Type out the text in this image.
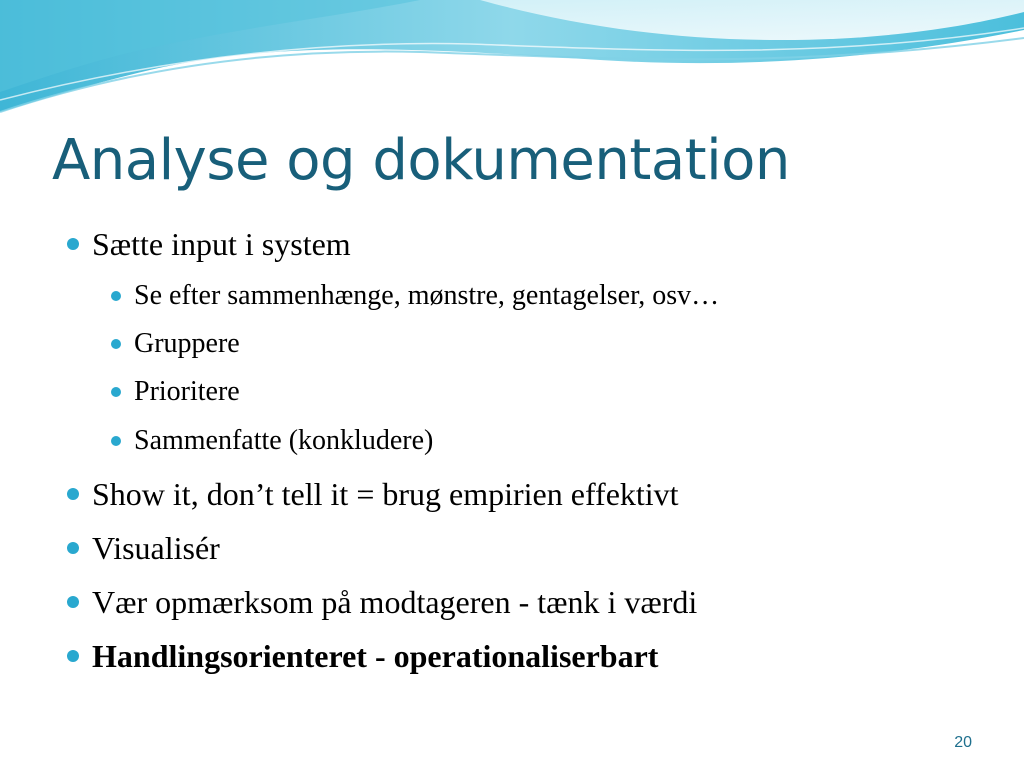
Analyse og dokumentation
Sætte input i system
Se efter sammenhænge, mønstre, gentagelser, osv…
Gruppere
Prioritere
Sammenfatte (konkludere)
Show it, don’t tell it = brug empirien effektivt
Visualisér
Vær opmærksom på modtageren - tænk i værdi
Handlingsorienteret - operationaliserbart
20
